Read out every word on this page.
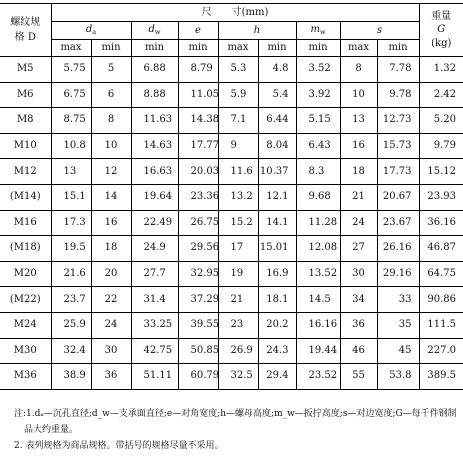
螺纹规
格 D	尺　　寸(mm)									重量
G
(kg)
	$d_a$		$d_w$	e	h		$m_w$	s		
	max	min	min	min	max	min	min	max	min	
M5	5.75	5	6.88	8.79	5.3	4.8	3.52	8	7.78	1.32
M6	6.75	6	8.88	11.05	5.9	5.4	3.92	10	9.78	2.42
M8	8.75	8	11.63	14.38	7.1	6.44	5.15	13	12.73	5.20
M10	10.8	10	14.63	17.77	9	8.04	6.43	16	15.73	9.79
M12	13	12	16.63	20.03	11.6	10.37	8.3	18	17.73	15.12
(M14)	15.1	14	19.64	23.36	13.2	12.1	9.68	21	20.67	23.93
M16	17.3	16	22.49	26.75	15.2	14.1	11.28	24	23.67	36.16
(M18)	19.5	18	24.9	29.56	17	15.01	12.08	27	26.16	46.87
M20	21.6	20	27.7	32.95	19	16.9	13.52	30	29.16	64.75
(M22)	23.7	22	31.4	37.29	21	18.1	14.5	34	33	90.86
M24	25.9	24	33.25	39.55	23	20.2	16.16	36	35	111.5
M30	32.4	30	42.75	50.85	26.9	24.3	19.44	46	45	227.0
M36	38.9	36	51.11	60.79	32.5	29.4	23.52	55	53.8	389.5
注:1.dₐ—沉孔直径;d_w—支承面直径;e—对角宽度;h—螺母高度;m_w—扳拧高度;s—对边宽度;G—每千件钢制
品大约重量。
2. 表列规格为商品规格。带括号的规格尽量不采用。
